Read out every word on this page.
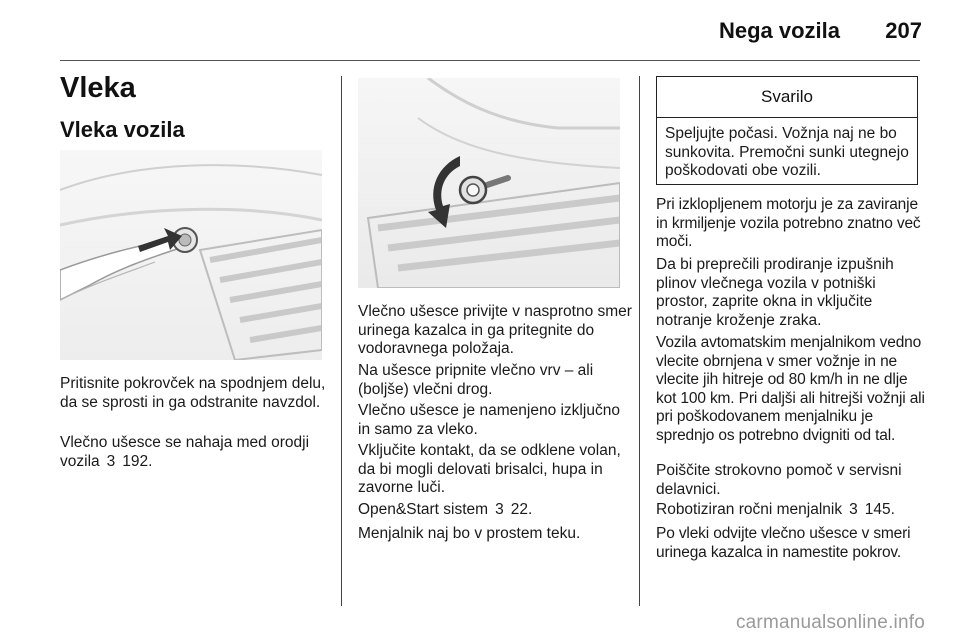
Nega vozila	207
Vleka
Vleka vozila

Pritisnite pokrovček na spodnjem delu, da se sprosti in ga odstranite navzdol.

Vlečno ušesce se nahaja med orodji vozila 3 192.

Vlečno ušesce privijte v nasprotno smer urinega kazalca in ga pritegnite do vodoravnega položaja.

Na ušesce pripnite vlečno vrv – ali (boljše) vlečni drog.

Vlečno ušesce je namenjeno izključno in samo za vleko.

Vključite kontakt, da se odklene volan, da bi mogli delovati brisalci, hupa in zavorne luči.

Open&Start sistem 3 22.

Menjalnik naj bo v prostem teku.

Svarilo
Speljujte počasi. Vožnja naj ne bo sunkovita. Premočni sunki utegnejo poškodovati obe vozili.

Pri izklopljenem motorju je za zaviranje in krmiljenje vozila potrebno znatno več moči.

Da bi preprečili prodiranje izpušnih plinov vlečnega vozila v potniški prostor, zaprite okna in vključite notranje kroženje zraka.

Vozila avtomatskim menjalnikom vedno vlecite obrnjena v smer vožnje in ne vlecite jih hitreje od 80 km/h in ne dlje kot 100 km. Pri daljši ali hitrejši vožnji ali pri poškodovanem menjalniku je sprednjo os potrebno dvigniti od tal.

Poiščite strokovno pomoč v servisni delavnici.

Robotiziran ročni menjalnik 3 145.

Po vleki odvijte vlečno ušesce v smeri urinega kazalca in namestite pokrov.

carmanualsonline.info
